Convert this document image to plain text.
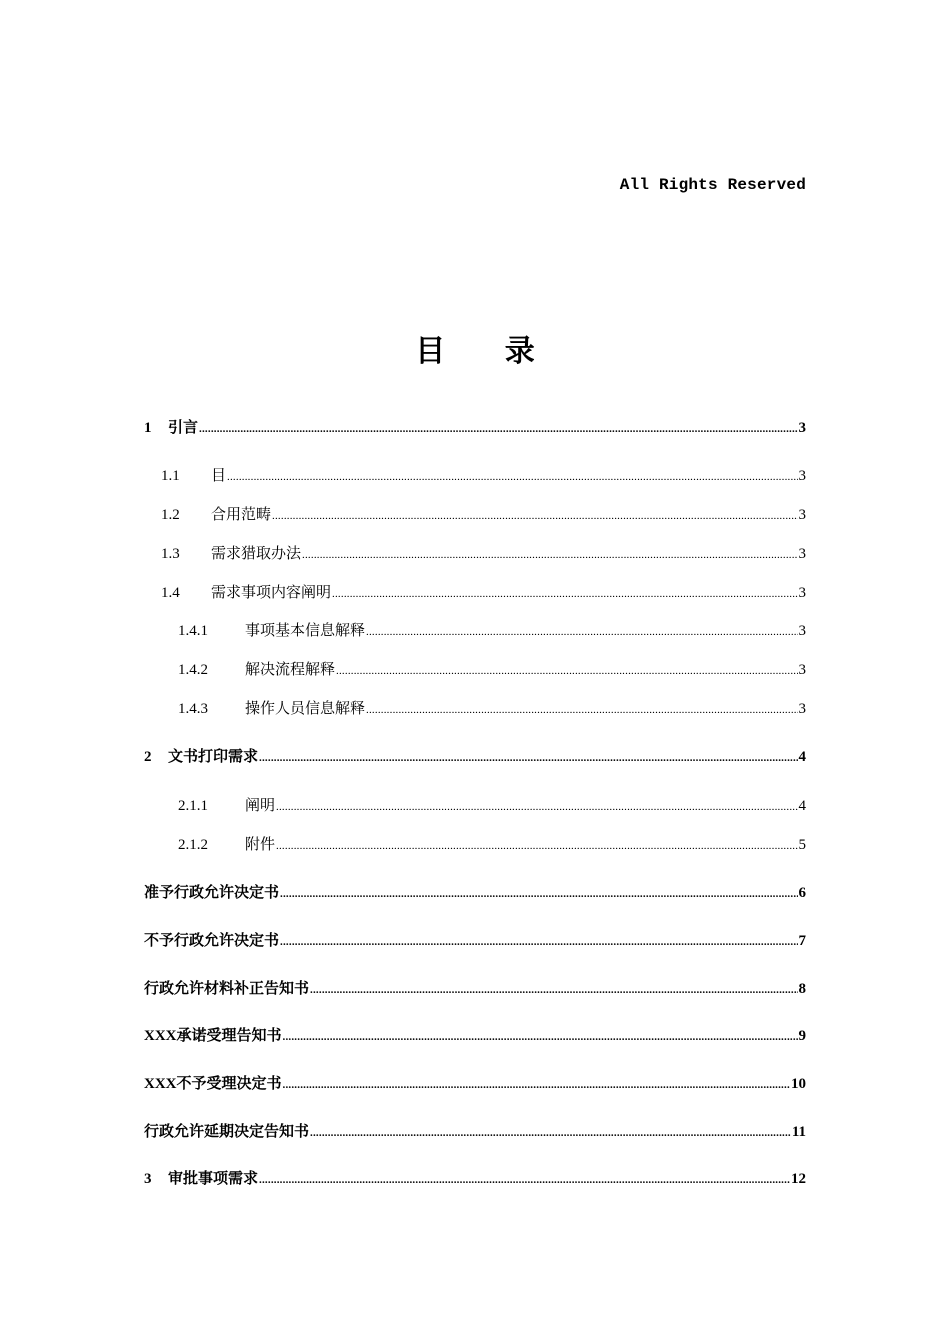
All Rights Reserved
目 录
1	引言 .....	3
1.1	目 .....	3
1.2	合用范畴 .....	3
1.3	需求猎取办法 .....	3
1.4	需求事项内容阐明 .....	3
1.4.1	事项基本信息解释 .....	3
1.4.2	解决流程解释 .....	3
1.4.3	操作人员信息解释 .....	3
2	文书打印需求 .....	4
2.1.1	阐明 .....	4
2.1.2	附件 .....	5
准予行政允许决定书 .....	6
不予行政允许决定书 .....	7
行政允许材料补正告知书 .....	8
XXX承诺受理告知书 .....	9
XXX不予受理决定书 .....	10
行政允许延期决定告知书 .....	11
3	审批事项需求 .....	12
